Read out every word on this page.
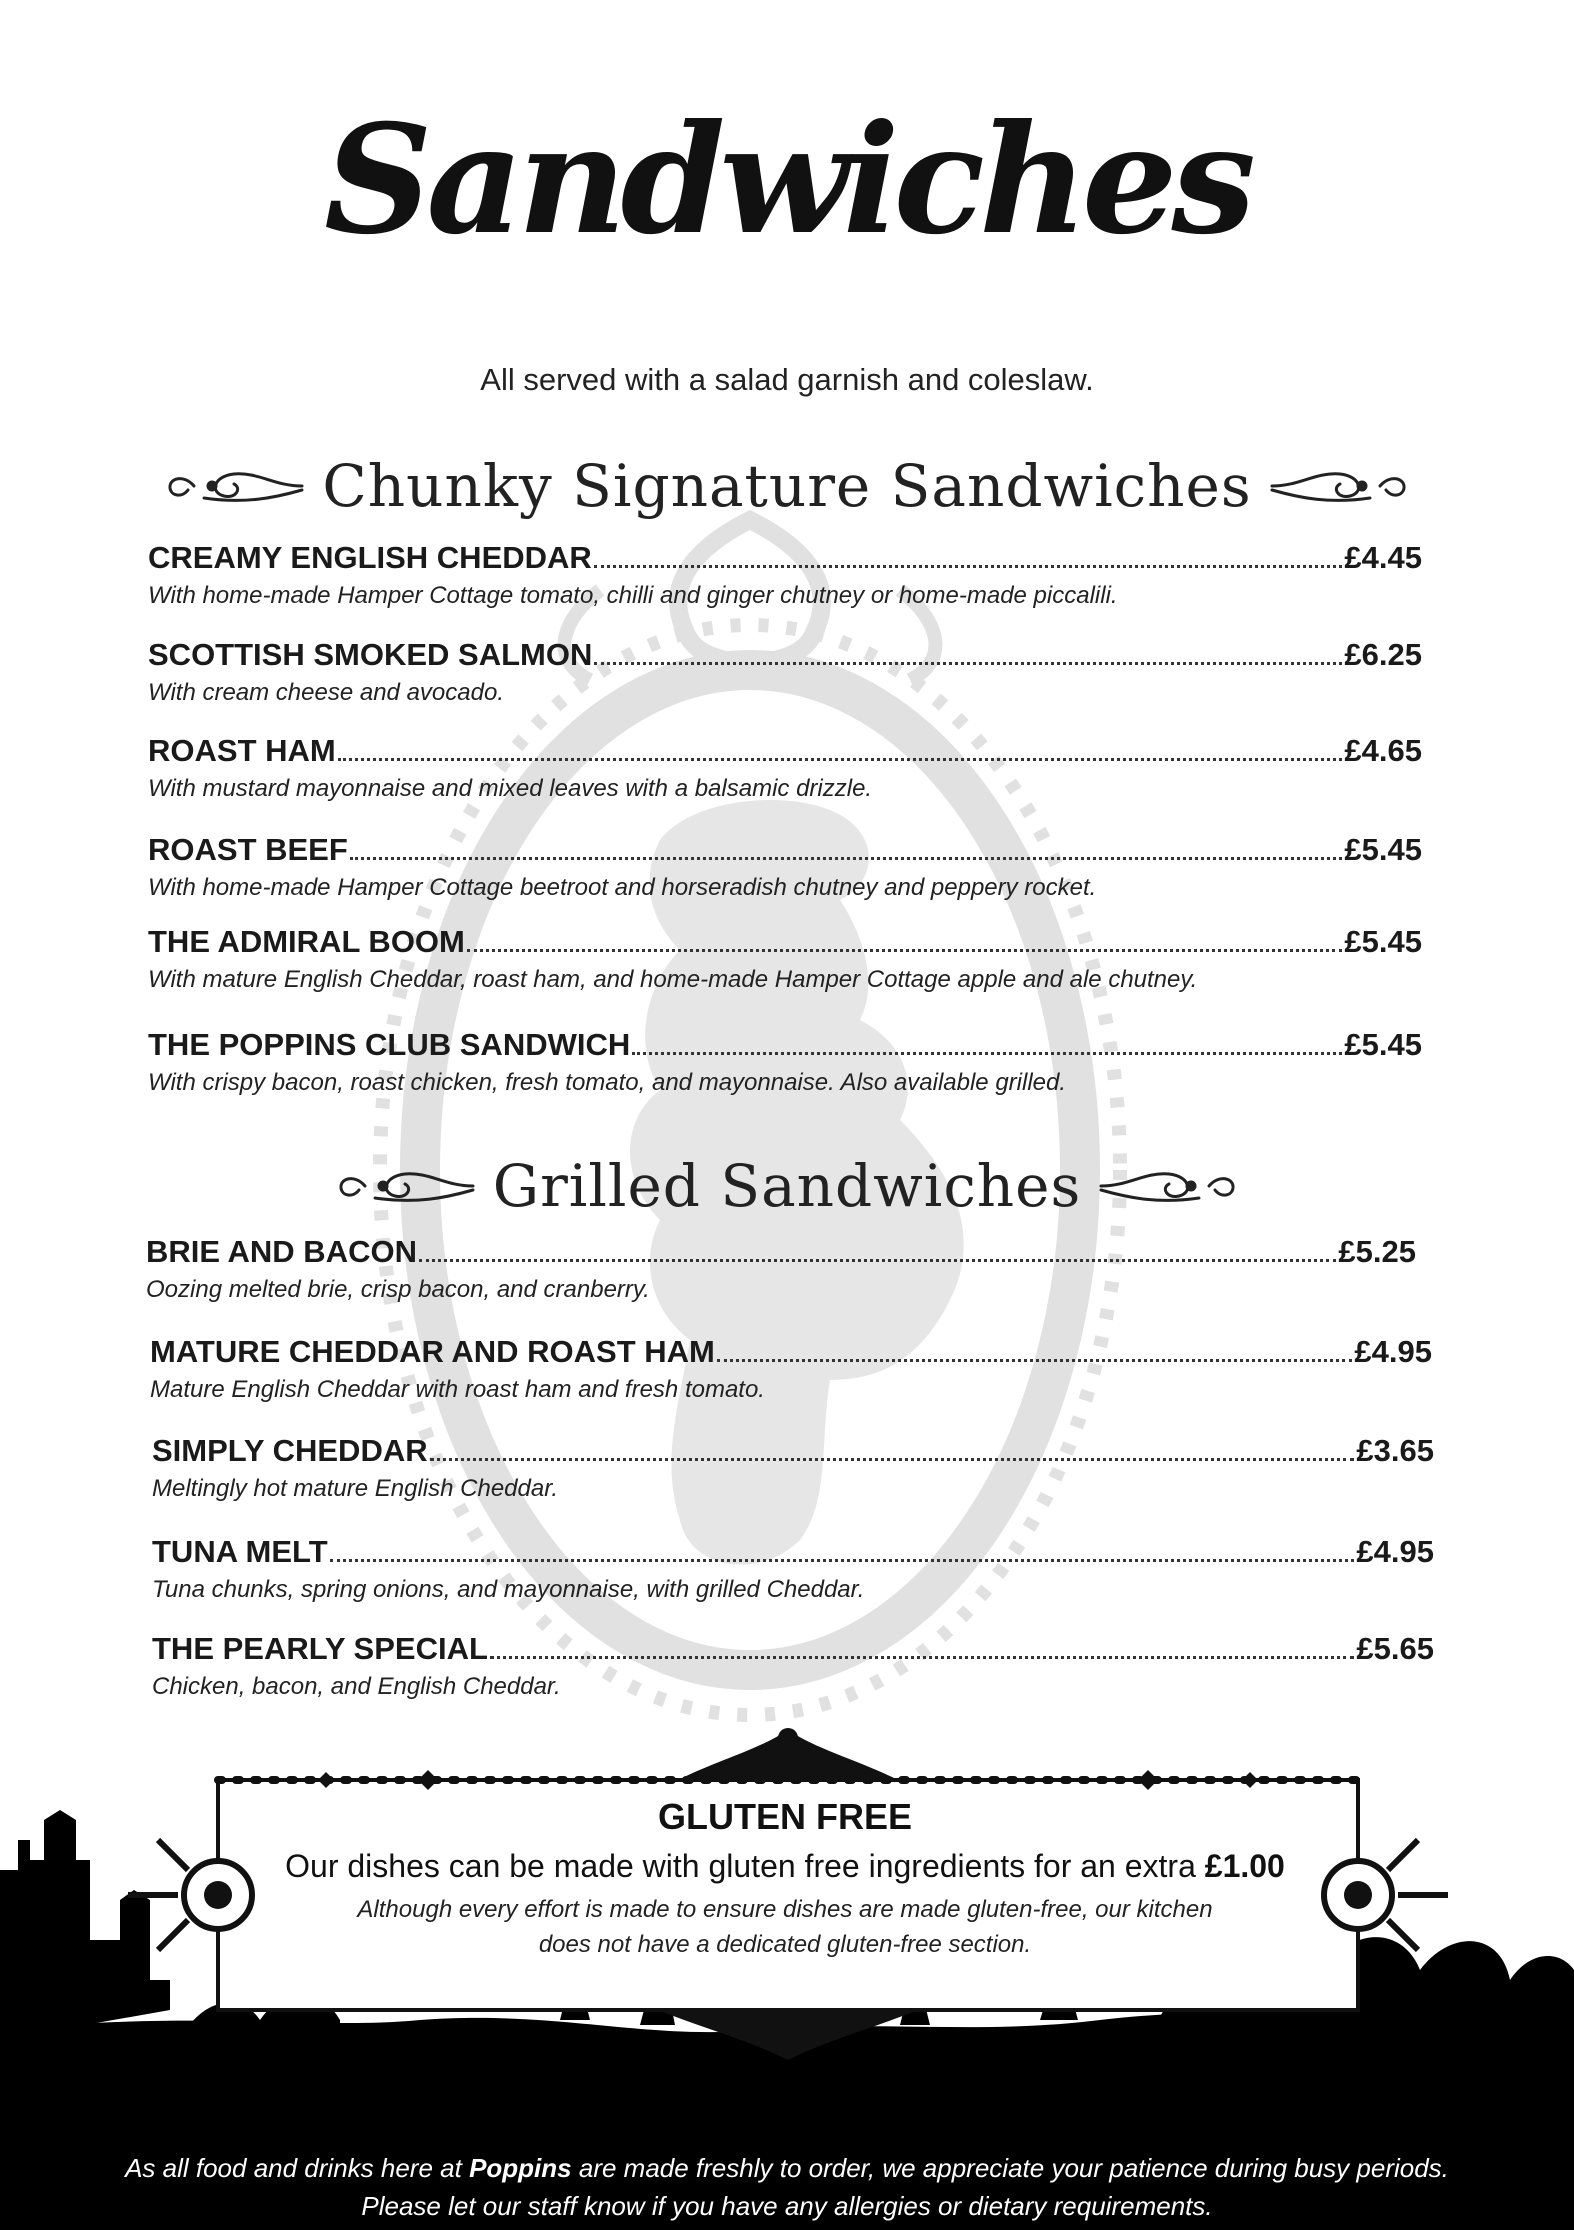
Sandwiches
All served with a salad garnish and coleslaw.
Chunky Signature Sandwiches
CREAMY ENGLISH CHEDDAR	£4.45
With home-made Hamper Cottage tomato, chilli and ginger chutney or home-made piccalili.
SCOTTISH SMOKED SALMON	£6.25
With cream cheese and avocado.
ROAST HAM	£4.65
With mustard mayonnaise and mixed leaves with a balsamic drizzle.
ROAST BEEF	£5.45
With home-made Hamper Cottage beetroot and horseradish chutney and peppery rocket.
THE ADMIRAL BOOM	£5.45
With mature English Cheddar, roast ham, and home-made Hamper Cottage apple and ale chutney.
THE POPPINS CLUB SANDWICH	£5.45
With crispy bacon, roast chicken, fresh tomato, and mayonnaise. Also available grilled.
Grilled Sandwiches
BRIE AND BACON	£5.25
Oozing melted brie, crisp bacon, and cranberry.
MATURE CHEDDAR AND ROAST HAM	£4.95
Mature English Cheddar with roast ham and fresh tomato.
SIMPLY CHEDDAR	£3.65
Meltingly hot mature English Cheddar.
TUNA MELT	£4.95
Tuna chunks, spring onions, and mayonnaise, with grilled Cheddar.
THE PEARLY SPECIAL	£5.65
Chicken, bacon, and English Cheddar.
GLUTEN FREE
Our dishes can be made with gluten free ingredients for an extra £1.00
Although every effort is made to ensure dishes are made gluten-free, our kitchen
does not have a dedicated gluten-free section.
As all food and drinks here at Poppins are made freshly to order, we appreciate your patience during busy periods.
Please let our staff know if you have any allergies or dietary requirements.
